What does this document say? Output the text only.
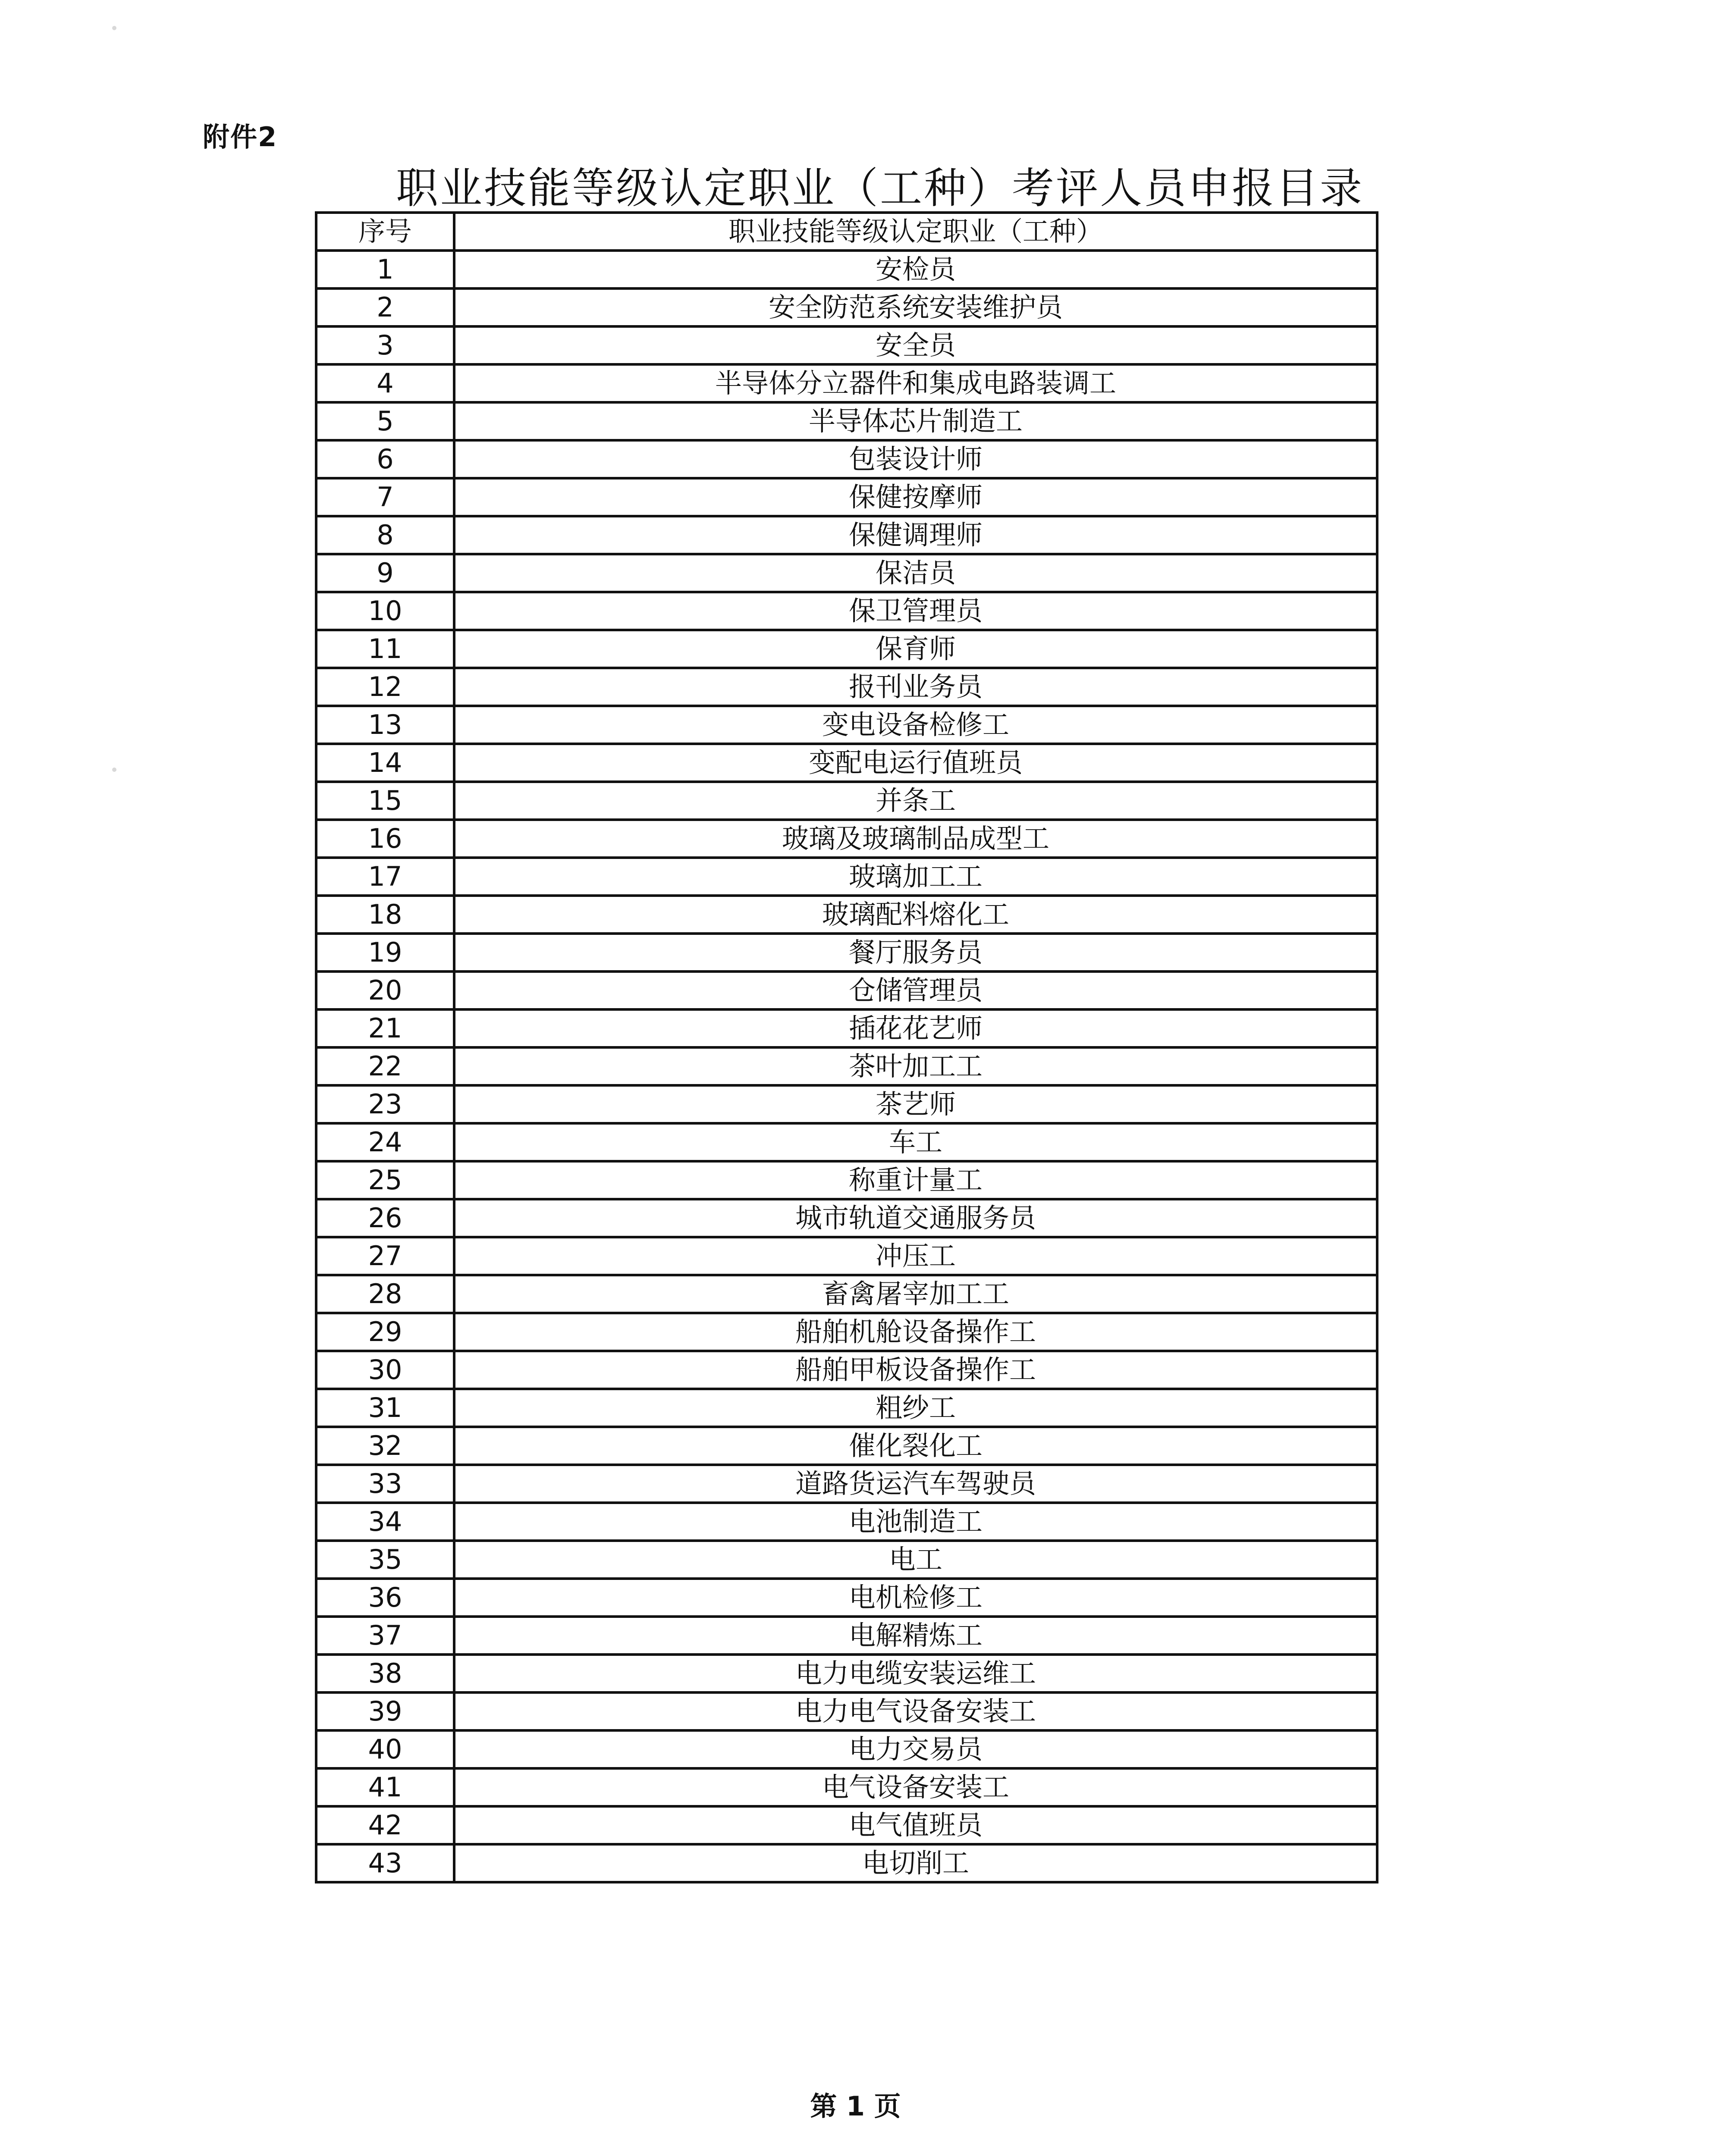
附件2
职业技能等级认定职业（工种）考评人员申报目录
序号	职业技能等级认定职业（工种）
1	安检员
2	安全防范系统安装维护员
3	安全员
4	半导体分立器件和集成电路装调工
5	半导体芯片制造工
6	包装设计师
7	保健按摩师
8	保健调理师
9	保洁员
10	保卫管理员
11	保育师
12	报刊业务员
13	变电设备检修工
14	变配电运行值班员
15	并条工
16	玻璃及玻璃制品成型工
17	玻璃加工工
18	玻璃配料熔化工
19	餐厅服务员
20	仓储管理员
21	插花花艺师
22	茶叶加工工
23	茶艺师
24	车工
25	称重计量工
26	城市轨道交通服务员
27	冲压工
28	畜禽屠宰加工工
29	船舶机舱设备操作工
30	船舶甲板设备操作工
31	粗纱工
32	催化裂化工
33	道路货运汽车驾驶员
34	电池制造工
35	电工
36	电机检修工
37	电解精炼工
38	电力电缆安装运维工
39	电力电气设备安装工
40	电力交易员
41	电气设备安装工
42	电气值班员
43	电切削工
第 1 页
